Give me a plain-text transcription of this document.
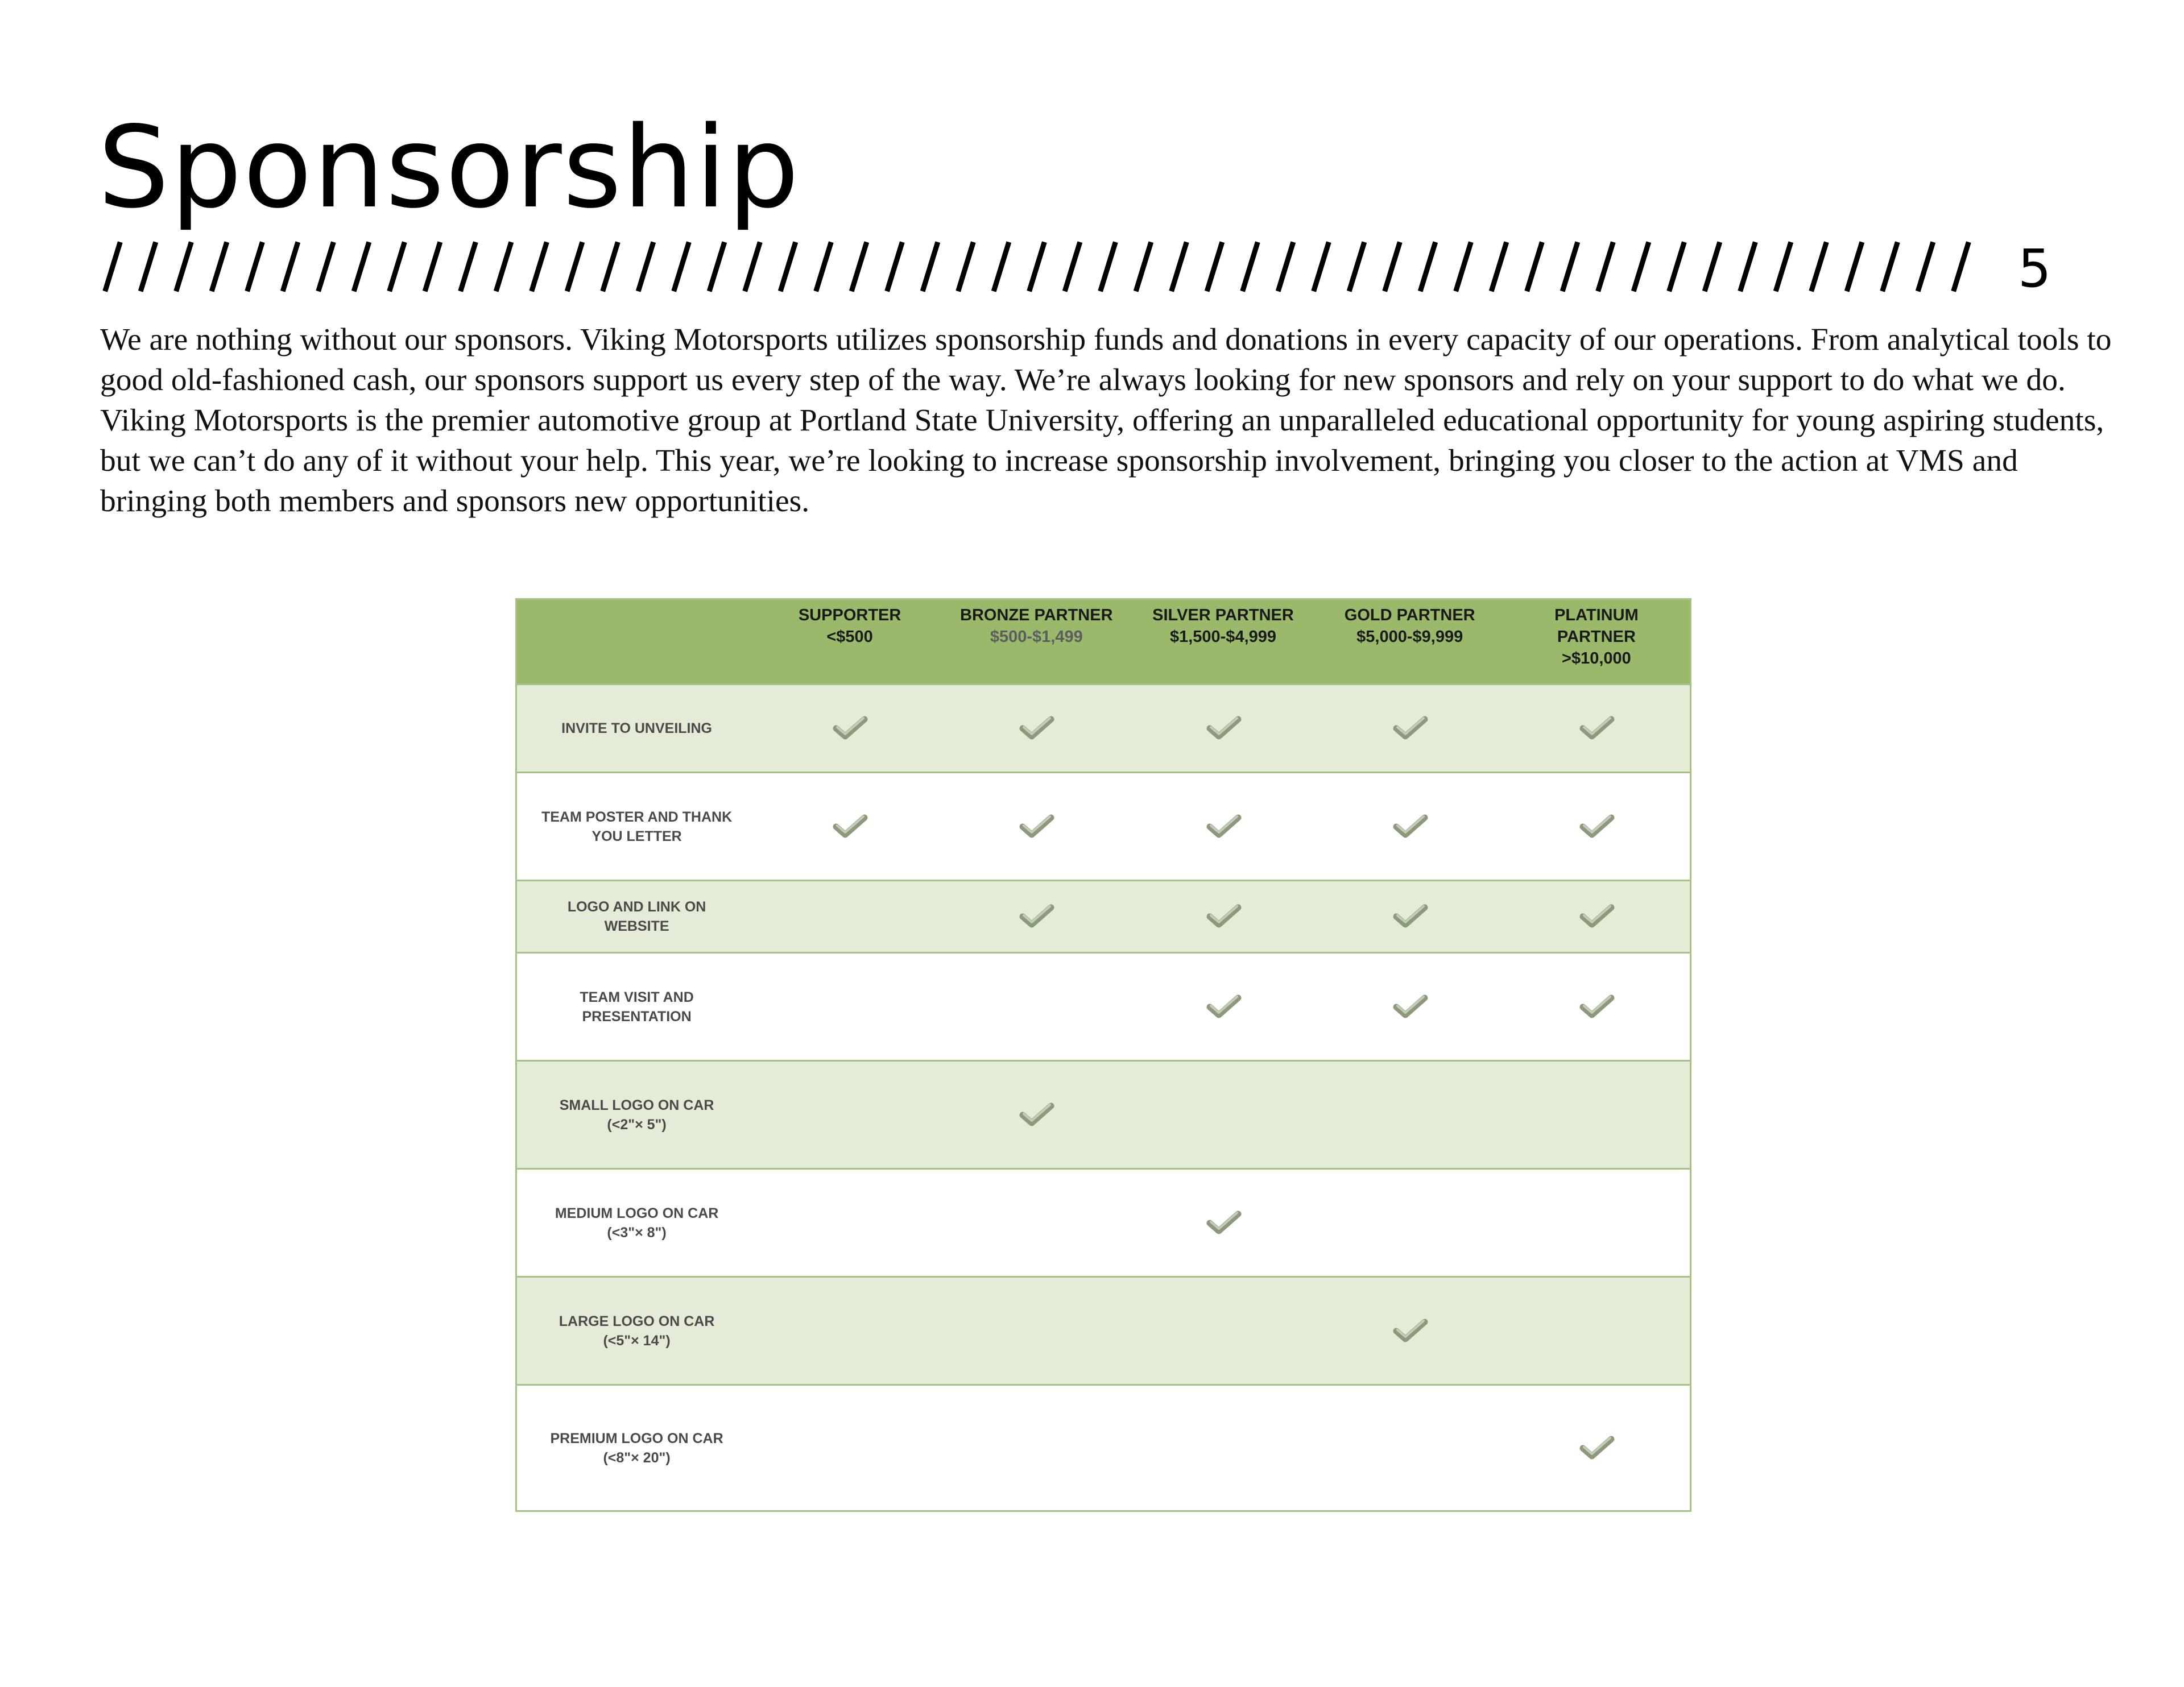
Sponsorship
5

We are nothing without our sponsors. Viking Motorsports utilizes sponsorship funds and donations in every capacity of our operations. From analytical tools to good old-fashioned cash, our sponsors support us every step of the way. We’re always looking for new sponsors and rely on your support to do what we do. Viking Motorsports is the premier automotive group at Portland State University, offering an unparalleled educational opportunity for young aspiring students, but we can’t do any of it without your help. This year, we’re looking to increase sponsorship involvement, bringing you closer to the action at VMS and bringing both members and sponsors new opportunities.

SUPPORTER
<$500
BRONZE PARTNER
$500-$1,499
SILVER PARTNER
$1,500-$4,999
GOLD PARTNER
$5,000-$9,999
PLATINUM PARTNER
>$10,000
INVITE TO UNVEILING
TEAM POSTER AND THANK YOU LETTER
LOGO AND LINK ON WEBSITE
TEAM VISIT AND PRESENTATION
SMALL LOGO ON CAR (<2"× 5")
MEDIUM LOGO ON CAR (<3"× 8")
LARGE LOGO ON CAR (<5"× 14")
PREMIUM LOGO ON CAR (<8"× 20")
